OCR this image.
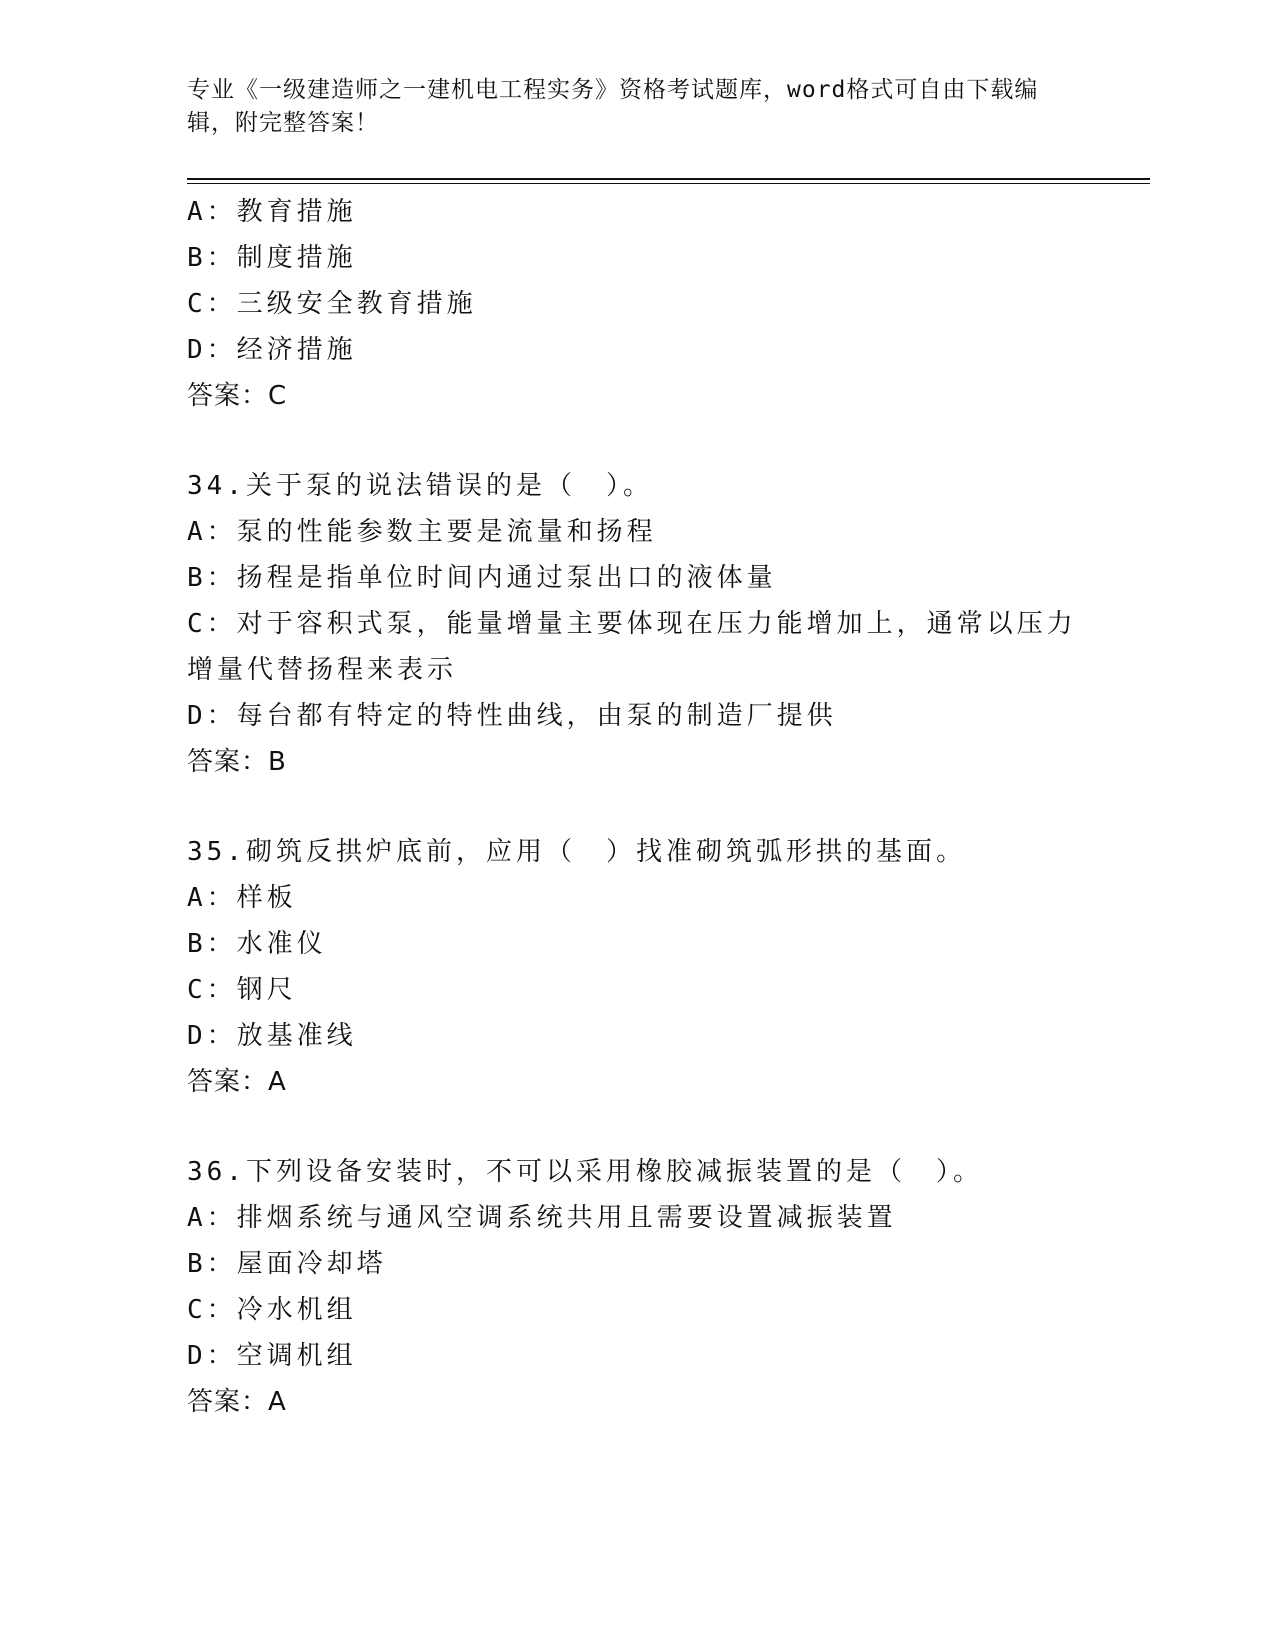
专业《一级建造师之一建机电工程实务》资格考试题库，word格式可自由下载编辑，附完整答案！
A：教育措施
B：制度措施
C：三级安全教育措施
D：经济措施
答案：C
34.关于泵的说法错误的是（　）。
A：泵的性能参数主要是流量和扬程
B：扬程是指单位时间内通过泵出口的液体量
C：对于容积式泵，能量增量主要体现在压力能增加上，通常以压力增量代替扬程来表示
D：每台都有特定的特性曲线，由泵的制造厂提供
答案：B
35.砌筑反拱炉底前，应用（　）找准砌筑弧形拱的基面。
A：样板
B：水准仪
C：钢尺
D：放基准线
答案：A
36.下列设备安装时，不可以采用橡胶减振装置的是（　）。
A：排烟系统与通风空调系统共用且需要设置减振装置
B：屋面冷却塔
C：冷水机组
D：空调机组
答案：A
